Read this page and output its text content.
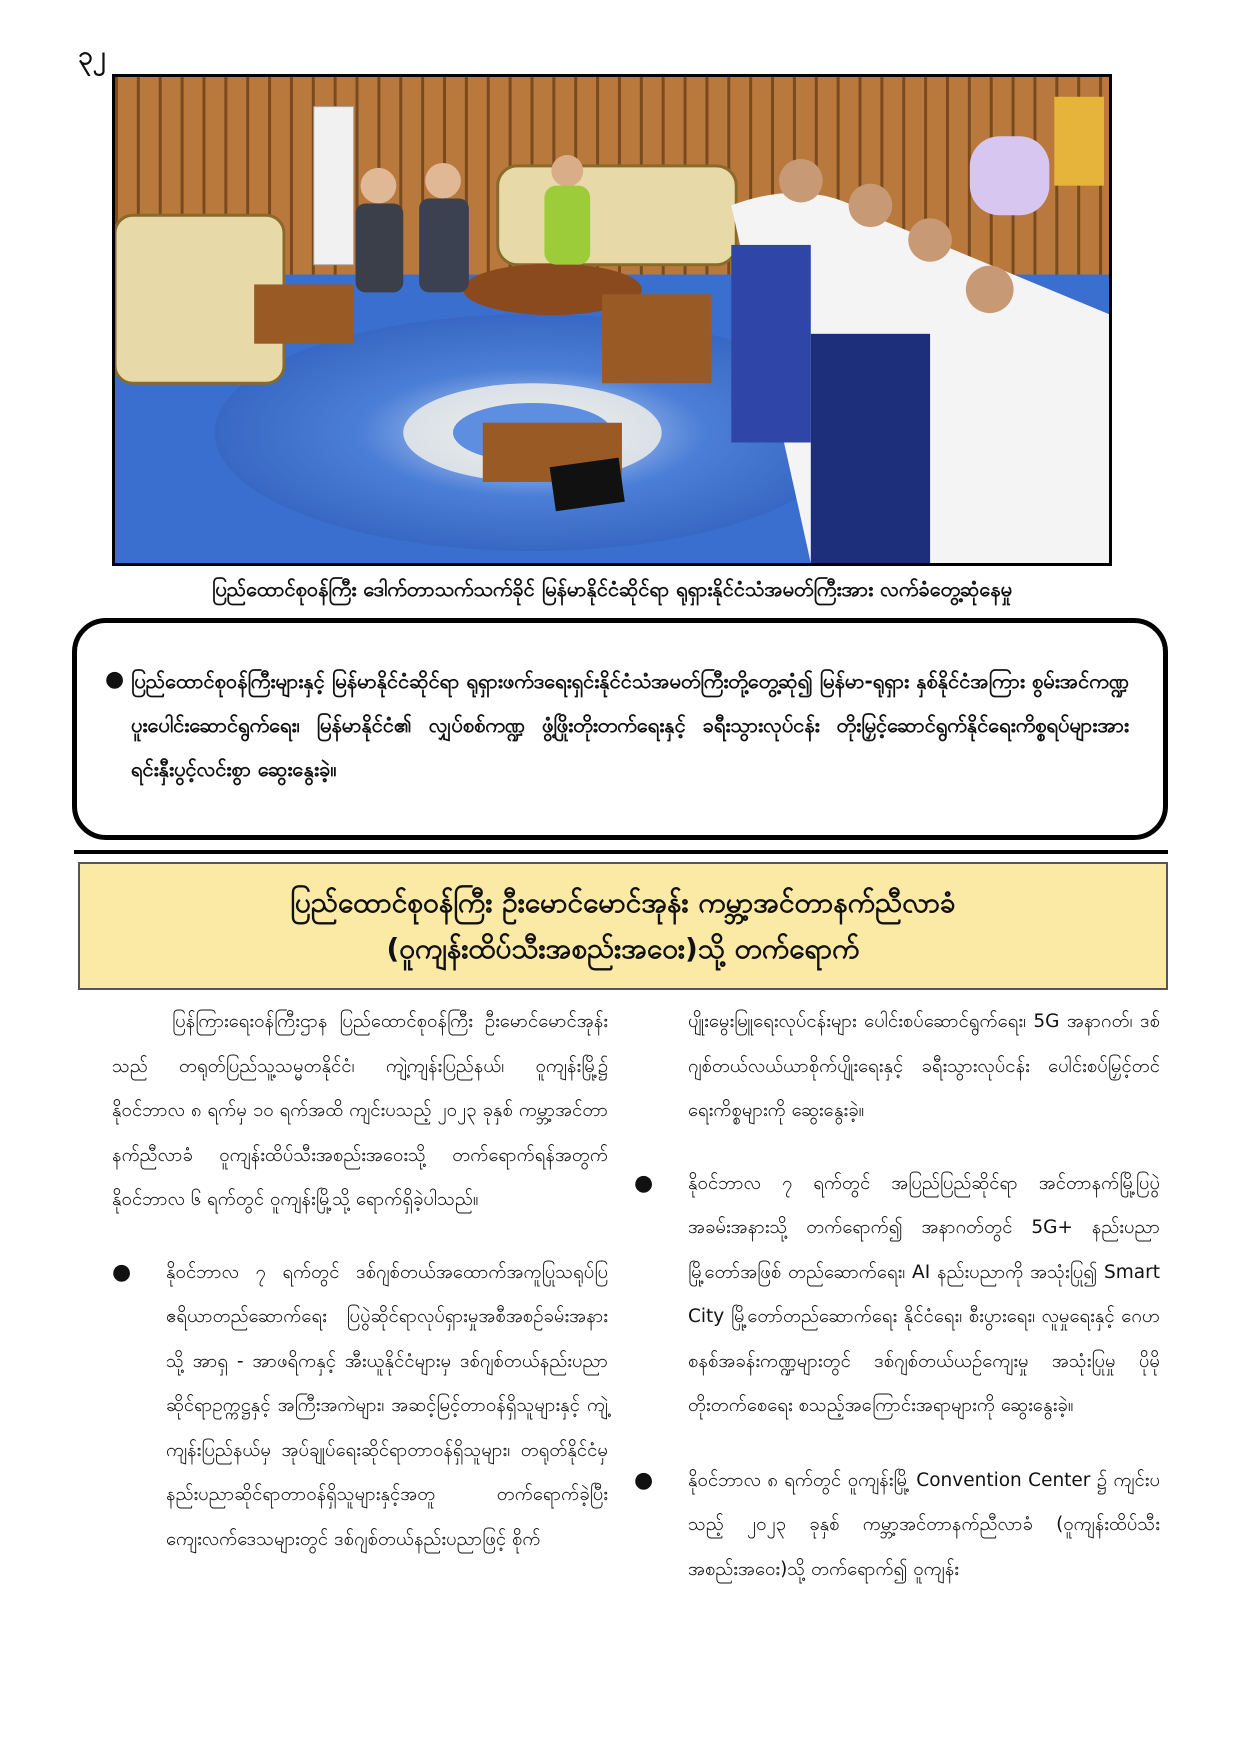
၃၂
ပြည်ထောင်စုဝန်ကြီး ဒေါက်တာသက်သက်ခိုင် မြန်မာနိုင်ငံဆိုင်ရာ ရုရှားနိုင်ငံသံအမတ်ကြီးအား လက်ခံတွေ့ဆုံနေမှု
● ပြည်ထောင်စုဝန်ကြီးများနှင့် မြန်မာနိုင်ငံဆိုင်ရာ ရုရှားဖက်ဒရေးရှင်းနိုင်ငံသံအမတ်ကြီးတို့တွေ့ဆုံ၍ မြန်မာ-ရုရှား နှစ်နိုင်ငံအကြား စွမ်းအင်ကဏ္ဍ ပူးပေါင်းဆောင်ရွက်ရေး၊ မြန်မာနိုင်ငံ၏ လျှပ်စစ်ကဏ္ဍ ဖွံ့ဖြိုးတိုးတက်ရေးနှင့် ခရီးသွားလုပ်ငန်း တိုးမြှင့်ဆောင်ရွက်နိုင်ရေးကိစ္စရပ်များအား ရင်းနှီးပွင့်လင်းစွာ ဆွေးနွေးခဲ့။
ပြည်ထောင်စုဝန်ကြီး ဦးမောင်မောင်အုန်း ကမ္ဘာ့အင်တာနက်ညီလာခံ
(ဝူကျန်းထိပ်သီးအစည်းအဝေး)သို့ တက်ရောက်

ပြန်ကြားရေးဝန်ကြီးဌာန ပြည်ထောင်စုဝန်ကြီး ဦးမောင်မောင်အုန်းသည် တရုတ်ပြည်သူ့သမ္မတနိုင်ငံ၊ ကျဲ့ကျန်းပြည်နယ်၊ ဝူကျန်းမြို့၌ နိုဝင်ဘာလ ၈ ရက်မှ ၁၀ ရက်အထိ ကျင်းပသည့် ၂၀၂၃ ခုနှစ် ကမ္ဘာ့အင်တာနက်ညီလာခံ ဝူကျန်းထိပ်သီးအစည်းအဝေးသို့ တက်ရောက်ရန်အတွက် နိုဝင်ဘာလ ၆ ရက်တွင် ဝူကျန်းမြို့သို့ ရောက်ရှိခဲ့ပါသည်။

● နိုဝင်ဘာလ ၇ ရက်တွင် ဒစ်ဂျစ်တယ်အထောက်အကူပြုသရုပ်ပြဧရိယာတည်ဆောက်ရေး ပြပွဲဆိုင်ရာလုပ်ရှားမှုအစီအစဉ်ခမ်းအနားသို့ အာရှ - အာဖရိကနှင့် အီးယူနိုင်ငံများမှ ဒစ်ဂျစ်တယ်နည်းပညာဆိုင်ရာဥက္ကဋ္ဌနှင့် အကြီးအကဲများ၊ အဆင့်မြင့်တာဝန်ရှိသူများနှင့် ကျဲ့ကျန်းပြည်နယ်မှ အုပ်ချုပ်ရေးဆိုင်ရာတာဝန်ရှိသူများ၊ တရုတ်နိုင်ငံမှ နည်းပညာဆိုင်ရာတာဝန်ရှိသူများနှင့်အတူ တက်ရောက်ခဲ့ပြီး ကျေးလက်ဒေသများတွင် ဒစ်ဂျစ်တယ်နည်းပညာဖြင့် စိုက်

ပျိုးမွေးမြူရေးလုပ်ငန်းများ ပေါင်းစပ်ဆောင်ရွက်ရေး၊ 5G အနာဂတ်၊ ဒစ်ဂျစ်တယ်လယ်ယာစိုက်ပျိုးရေးနှင့် ခရီးသွားလုပ်ငန်း ပေါင်းစပ်မြှင့်တင်ရေးကိစ္စများကို ဆွေးနွေးခဲ့။

● နိုဝင်ဘာလ ၇ ရက်တွင် အပြည်ပြည်ဆိုင်ရာ အင်တာနက်မြို့ပြပွဲအခမ်းအနားသို့ တက်ရောက်၍ အနာဂတ်တွင် 5G+ နည်းပညာမြို့တော်အဖြစ် တည်ဆောက်ရေး၊ AI နည်းပညာကို အသုံးပြု၍ Smart City မြို့တော်တည်ဆောက်ရေး နိုင်ငံရေး၊ စီးပွားရေး၊ လူမှုရေးနှင့် ဂေဟစနစ်အခန်းကဏ္ဍများတွင် ဒစ်ဂျစ်တယ်ယဉ်ကျေးမှု အသုံးပြုမှု ပိုမိုတိုးတက်စေရေး စသည့်အကြောင်းအရာများကို ဆွေးနွေးခဲ့။
● နိုဝင်ဘာလ ၈ ရက်တွင် ဝူကျန်းမြို့ Convention Center ၌ ကျင်းပသည့် ၂၀၂၃ ခုနှစ် ကမ္ဘာ့အင်တာနက်ညီလာခံ (ဝူကျန်းထိပ်သီးအစည်းအဝေး)သို့ တက်ရောက်၍ ဝူကျန်း
